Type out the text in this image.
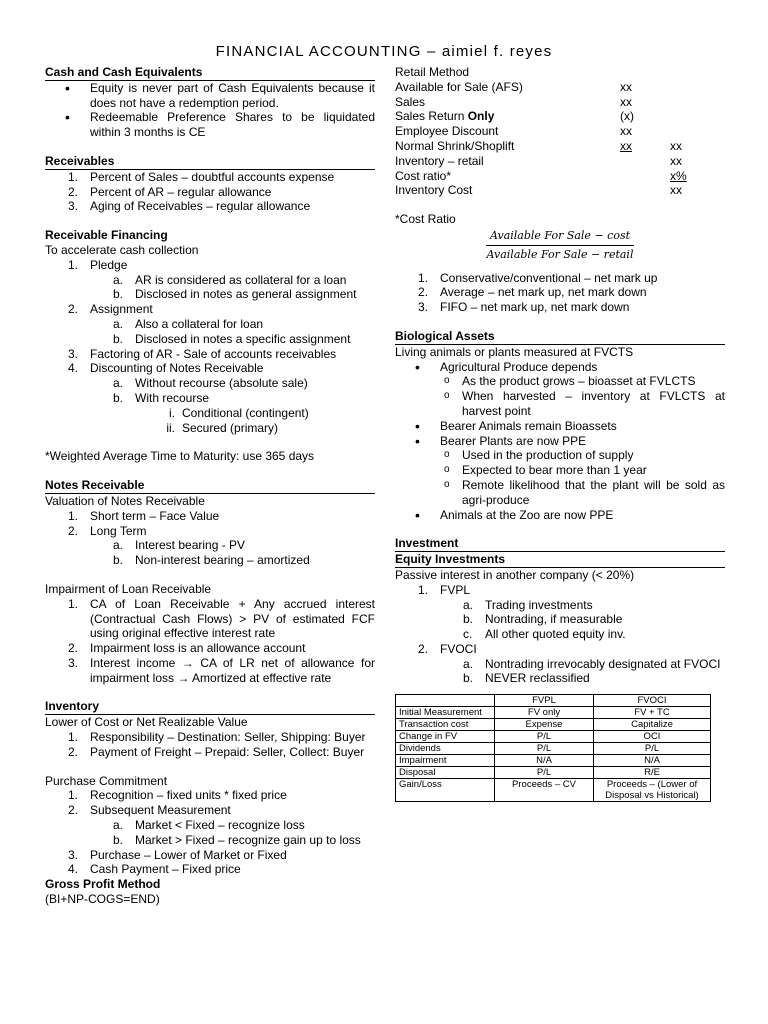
FINANCIAL ACCOUNTING – aimiel f. reyes
Cash and Cash Equivalents
• Equity is never part of Cash Equivalents because it does not have a redemption period.
• Redeemable Preference Shares to be liquidated within 3 months is CE
Receivables
1. Percent of Sales – doubtful accounts expense
2. Percent of AR – regular allowance
3. Aging of Receivables – regular allowance
Receivable Financing

To accelerate cash collection

1. Pledge
a. AR is considered as collateral for a loan
b. Disclosed in notes as general assignment
2. Assignment
a. Also a collateral for loan
b. Disclosed in notes a specific assignment
3. Factoring of AR - Sale of accounts receivables
4. Discounting of Notes Receivable
a. Without recourse (absolute sale)
b. With recourse
i. Conditional (contingent)
ii. Secured (primary)

*Weighted Average Time to Maturity: use 365 days

Notes Receivable

Valuation of Notes Receivable

1. Short term – Face Value
2. Long Term
a. Interest bearing - PV
b. Non-interest bearing – amortized

Impairment of Loan Receivable

1. CA of Loan Receivable + Any accrued interest (Contractual Cash Flows) > PV of estimated FCF using original effective interest rate
2. Impairment loss is an allowance account
3. Interest income → CA of LR net of allowance for impairment loss → Amortized at effective rate
Inventory

Lower of Cost or Net Realizable Value

1. Responsibility – Destination: Seller, Shipping: Buyer
2. Payment of Freight – Prepaid: Seller, Collect: Buyer

Purchase Commitment

1. Recognition – fixed units * fixed price
2. Subsequent Measurement
a. Market < Fixed – recognize loss
b. Market > Fixed – recognize gain up to loss
3. Purchase – Lower of Market or Fixed
4. Cash Payment – Fixed price
Gross Profit Method

(BI+NP-COGS=END)

Retail Method

Available for Sale (AFS)	xx
Sales	xx
Sales Return Only	(x)
Employee Discount	xx
Normal Shrink/Shoplift	xx	xx
Inventory – retail	xx
Cost ratio*	x%
Inventory Cost	xx

*Cost Ratio

Available For Sale − cost
Available For Sale − retail
1. Conservative/conventional – net mark up
2. Average – net mark up, net mark down
3. FIFO – net mark up, net mark down
Biological Assets

Living animals or plants measured at FVCTS

• Agricultural Produce depends
o As the product grows – bioasset at FVLCTS
o When harvested – inventory at FVLCTS at harvest point
• Bearer Animals remain Bioassets
• Bearer Plants are now PPE
o Used in the production of supply
o Expected to bear more than 1 year
o Remote likelihood that the plant will be sold as agri-produce
• Animals at the Zoo are now PPE
Investment
Equity Investments

Passive interest in another company (< 20%)

1. FVPL
a. Trading investments
b. Nontrading, if measurable
c. All other quoted equity inv.
2. FVOCI
a. Nontrading irrevocably designated at FVOCI
b. NEVER reclassified
	FVPL	FVOCI
Initial Measurement	FV only	FV + TC
Transaction cost	Expense	Capitalize
Change in FV	P/L	OCI
Dividends	P/L	P/L
Impairment	N/A	N/A
Disposal	P/L	R/E
Gain/Loss	Proceeds – CV	Proceeds – (Lower of Disposal vs Historical)
